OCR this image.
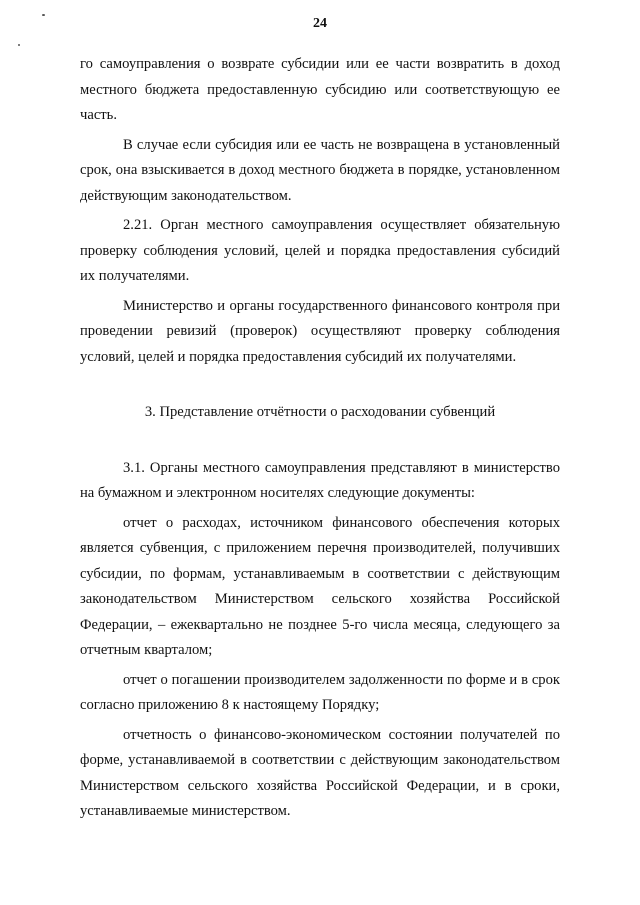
24

го самоуправления о возврате субсидии или ее части возвратить в доход местного бюджета предоставленную субсидию или соответствующую ее часть.

В случае если субсидия или ее часть не возвращена в установленный срок, она взыскивается в доход местного бюджета в порядке, установленном действующим законодательством.

2.21. Орган местного самоуправления осуществляет обязательную проверку соблюдения условий, целей и порядка предоставления субсидий их получателями.

Министерство и органы государственного финансового контроля при проведении ревизий (проверок) осуществляют проверку соблюдения условий, целей и порядка предоставления субсидий их получателями.

3. Представление отчётности о расходовании субвенций

3.1. Органы местного самоуправления представляют в министерство на бумажном и электронном носителях следующие документы:

отчет о расходах, источником финансового обеспечения которых является субвенция, с приложением перечня производителей, получивших субсидии, по формам, устанавливаемым в соответствии с действующим законодательством Министерством сельского хозяйства Российской Федерации, – ежеквартально не позднее 5-го числа месяца, следующего за отчетным кварталом;

отчет о погашении производителем задолженности по форме и в срок согласно приложению 8 к настоящему Порядку;

отчетность о финансово-экономическом состоянии получателей по форме, устанавливаемой в соответствии с действующим законодательством Министерством сельского хозяйства Российской Федерации, и в сроки, устанавливаемые министерством.
